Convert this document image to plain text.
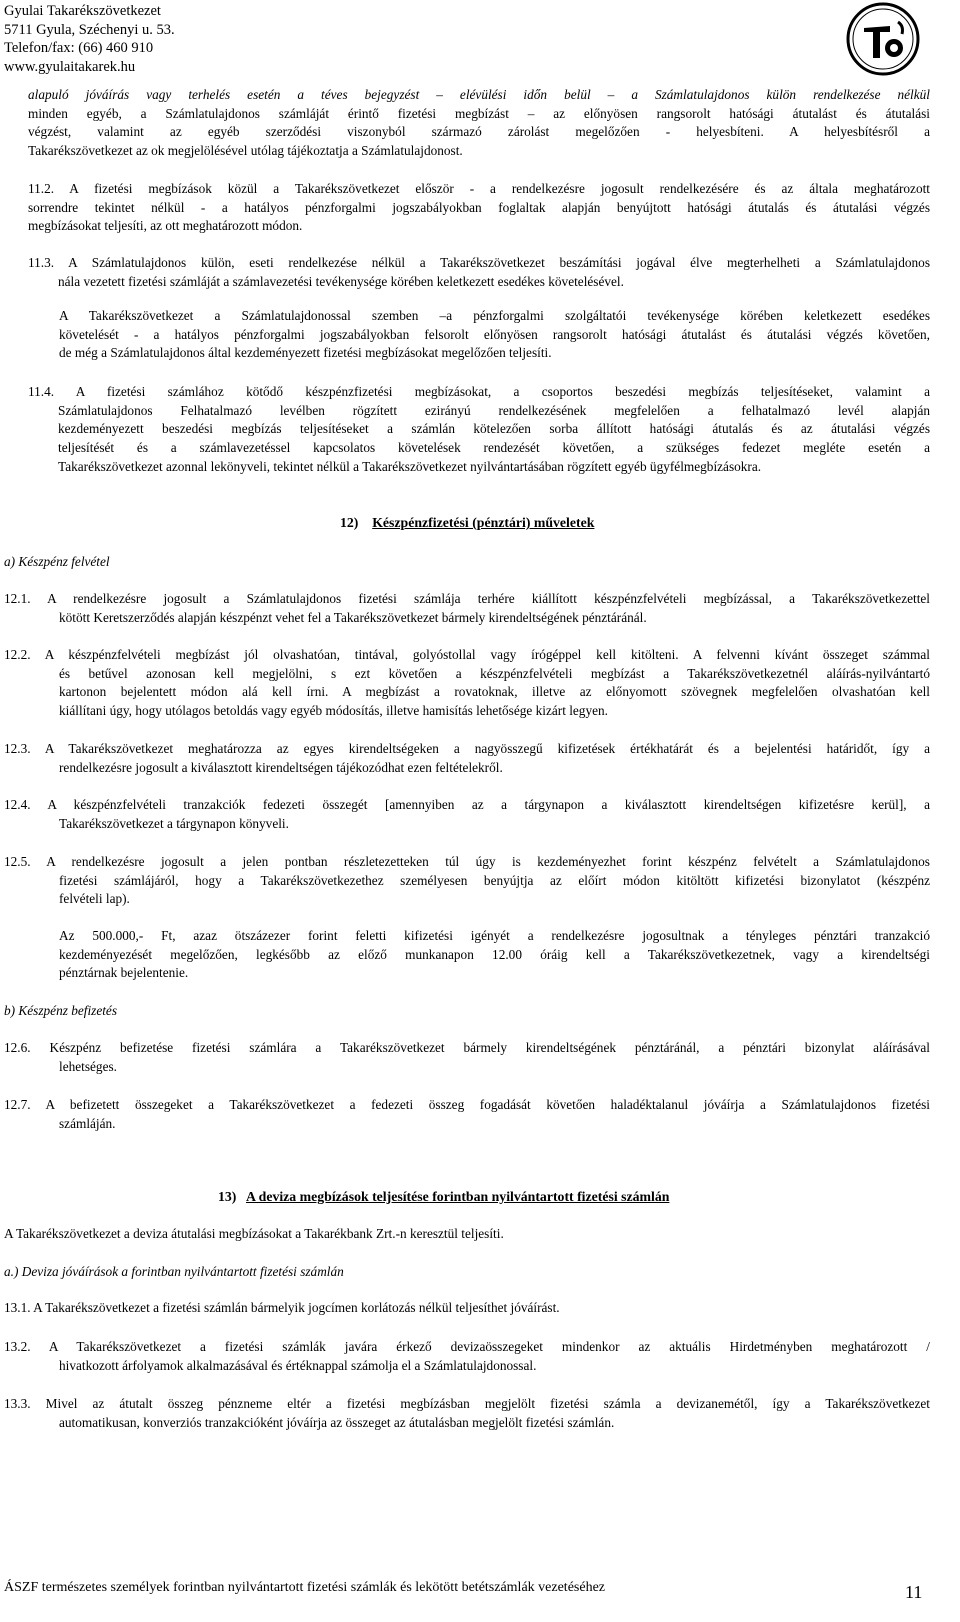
Gyulai Takarékszövetkezet
5711 Gyula, Széchenyi u. 53.
Telefon/fax: (66) 460 910
www.gyulaitakarek.hu
alapuló jóváírás vagy terhelés esetén a téves bejegyzést – elévülési időn belül – a Számlatulajdonos külön rendelkezése nélkül
minden egyéb, a Számlatulajdonos számláját érintő fizetési megbízást – az előnyösen rangsorolt hatósági átutalást és átutalási
végzést, valamint az egyéb szerződési viszonyból származó zárolást megelőzően - helyesbíteni. A helyesbítésről a
Takarékszövetkezet az ok megjelölésével utólag tájékoztatja a Számlatulajdonost.
11.2. A fizetési megbízások közül a Takarékszövetkezet először - a rendelkezésre jogosult rendelkezésére és az általa meghatározott
sorrendre tekintet nélkül - a hatályos pénzforgalmi jogszabályokban foglaltak alapján benyújtott hatósági átutalás és átutalási végzés
megbízásokat teljesíti, az ott meghatározott módon.
11.3. A Számlatulajdonos külön, eseti rendelkezése nélkül a Takarékszövetkezet beszámítási jogával élve megterhelheti a Számlatulajdonos
nála vezetett fizetési számláját a számlavezetési tevékenysége körében keletkezett esedékes követelésével.
A Takarékszövetkezet a Számlatulajdonossal szemben –a pénzforgalmi szolgáltatói tevékenysége körében keletkezett esedékes
követelését - a hatályos pénzforgalmi jogszabályokban felsorolt előnyösen rangsorolt hatósági átutalást és átutalási végzés követően,
de még a Számlatulajdonos által kezdeményezett fizetési megbízásokat megelőzően teljesíti.
11.4. A fizetési számlához kötődő készpénzfizetési megbízásokat, a csoportos beszedési megbízás teljesítéseket, valamint a
Számlatulajdonos Felhatalmazó levélben rögzített ezirányú rendelkezésének megfelelően a felhatalmazó levél alapján
kezdeményezett beszedési megbízás teljesítéseket a számlán kötelezően sorba állított hatósági átutalás és az átutalási végzés
teljesítését és a számlavezetéssel kapcsolatos követelések rendezését követően, a szükséges fedezet megléte esetén a
Takarékszövetkezet azonnal lekönyveli, tekintet nélkül a Takarékszövetkezet nyilvántartásában rögzített egyéb ügyfélmegbízásokra.
12) Készpénzfizetési (pénztári) műveletek
a) Készpénz felvétel
12.1. A rendelkezésre jogosult a Számlatulajdonos fizetési számlája terhére kiállított készpénzfelvételi megbízással, a Takarékszövetkezettel
kötött Keretszerződés alapján készpénzt vehet fel a Takarékszövetkezet bármely kirendeltségének pénztáránál.
12.2. A készpénzfelvételi megbízást jól olvashatóan, tintával, golyóstollal vagy írógéppel kell kitölteni. A felvenni kívánt összeget számmal
és betűvel azonosan kell megjelölni, s ezt követően a készpénzfelvételi megbízást a Takarékszövetkezetnél aláírás-nyilvántartó
kartonon bejelentett módon alá kell írni. A megbízást a rovatoknak, illetve az előnyomott szövegnek megfelelően olvashatóan kell
kiállítani úgy, hogy utólagos betoldás vagy egyéb módosítás, illetve hamisítás lehetősége kizárt legyen.
12.3. A Takarékszövetkezet meghatározza az egyes kirendeltségeken a nagyösszegű kifizetések értékhatárát és a bejelentési határidőt, így a
rendelkezésre jogosult a kiválasztott kirendeltségen tájékozódhat ezen feltételekről.
12.4. A készpénzfelvételi tranzakciók fedezeti összegét [amennyiben az a tárgynapon a kiválasztott kirendeltségen kifizetésre kerül], a
Takarékszövetkezet a tárgynapon könyveli.
12.5. A rendelkezésre jogosult a jelen pontban részletezetteken túl úgy is kezdeményezhet forint készpénz felvételt a Számlatulajdonos
fizetési számlájáról, hogy a Takarékszövetkezethez személyesen benyújtja az előírt módon kitöltött kifizetési bizonylatot (készpénz
felvételi lap).
Az 500.000,- Ft, azaz ötszázezer forint feletti kifizetési igényét a rendelkezésre jogosultnak a tényleges pénztári tranzakció
kezdeményezését megelőzően, legkésőbb az előző munkanapon 12.00 óráig kell a Takarékszövetkezetnek, vagy a kirendeltségi
pénztárnak bejelentenie.
b) Készpénz befizetés
12.6. Készpénz befizetése fizetési számlára a Takarékszövetkezet bármely kirendeltségének pénztáránál, a pénztári bizonylat aláírásával
lehetséges.
12.7. A befizetett összegeket a Takarékszövetkezet a fedezeti összeg fogadását követően haladéktalanul jóváírja a Számlatulajdonos fizetési
számláján.
13) A deviza megbízások teljesítése forintban nyilvántartott fizetési számlán
A Takarékszövetkezet a deviza átutalási megbízásokat a Takarékbank Zrt.-n keresztül teljesíti.
a.) Deviza jóváírások a forintban nyilvántartott fizetési számlán
13.1. A Takarékszövetkezet a fizetési számlán bármelyik jogcímen korlátozás nélkül teljesíthet jóváírást.
13.2. A Takarékszövetkezet a fizetési számlák javára érkező devizaösszegeket mindenkor az aktuális Hirdetményben meghatározott /
hivatkozott árfolyamok alkalmazásával és értéknappal számolja el a Számlatulajdonossal.
13.3. Mivel az átutalt összeg pénzneme eltér a fizetési megbízásban megjelölt fizetési számla a devizanemétől, így a Takarékszövetkezet
automatikusan, konverziós tranzakcióként jóváírja az összeget az átutalásban megjelölt fizetési számlán.
ÁSZF természetes személyek forintban nyilvántartott fizetési számlák és lekötött betétszámlák vezetéséhez	11
